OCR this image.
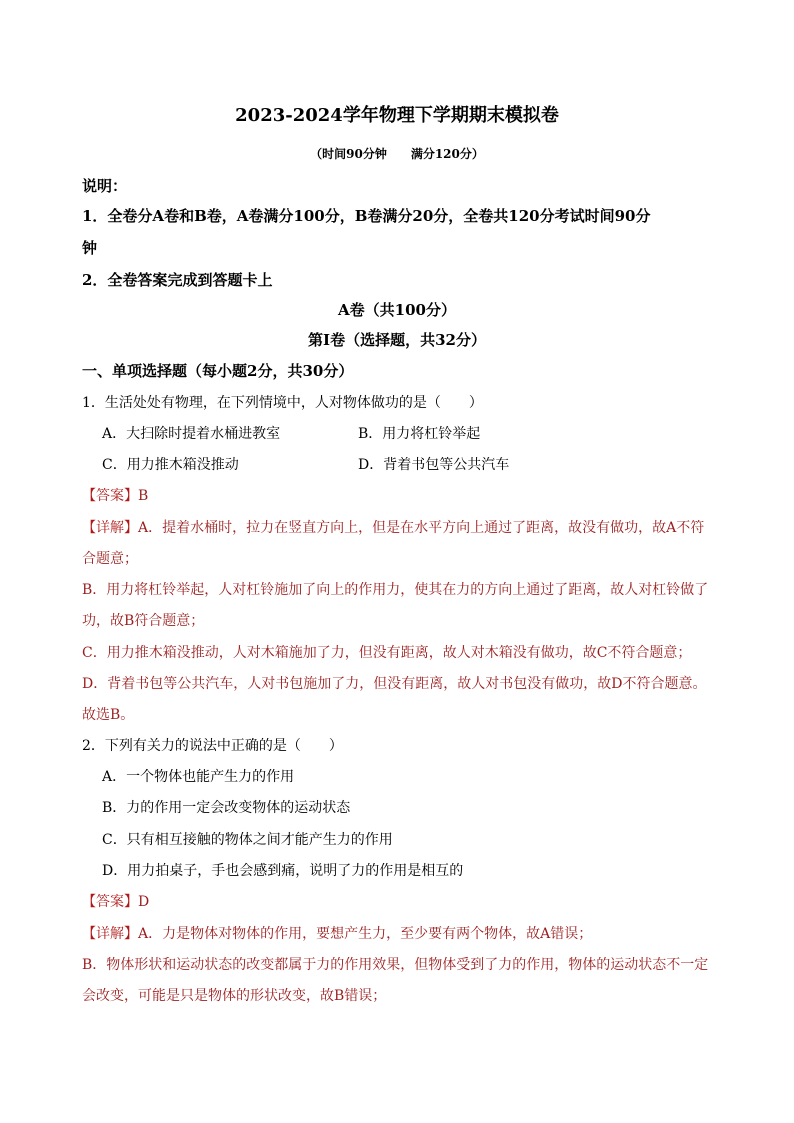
2023-2024学年物理下学期期末模拟卷
（时间90分钟　　满分120分）
说明：
1．全卷分A卷和B卷，A卷满分100分，B卷满分20分，全卷共120分考试时间90分
钟
2．全卷答案完成到答题卡上
A卷（共100分）
第Ⅰ卷（选择题，共32分）
一、单项选择题（每小题2分，共30分）
1．生活处处有物理，在下列情境中，人对物体做功的是（　　）
A．大扫除时提着水桶进教室	B．用力将杠铃举起
C．用力推木箱没推动	D．背着书包等公共汽车
【答案】B
【详解】A．提着水桶时，拉力在竖直方向上，但是在水平方向上通过了距离，故没有做功，故A不符
合题意；
B．用力将杠铃举起，人对杠铃施加了向上的作用力，使其在力的方向上通过了距离，故人对杠铃做了
功，故B符合题意；
C．用力推木箱没推动，人对木箱施加了力，但没有距离，故人对木箱没有做功，故C不符合题意；
D．背着书包等公共汽车，人对书包施加了力，但没有距离，故人对书包没有做功，故D不符合题意。
故选B。
2．下列有关力的说法中正确的是（　　）
A．一个物体也能产生力的作用
B．力的作用一定会改变物体的运动状态
C．只有相互接触的物体之间才能产生力的作用
D．用力拍桌子，手也会感到痛，说明了力的作用是相互的
【答案】D
【详解】A．力是物体对物体的作用，要想产生力，至少要有两个物体，故A错误；
B．物体形状和运动状态的改变都属于力的作用效果，但物体受到了力的作用，物体的运动状态不一定
会改变，可能是只是物体的形状改变，故B错误；
